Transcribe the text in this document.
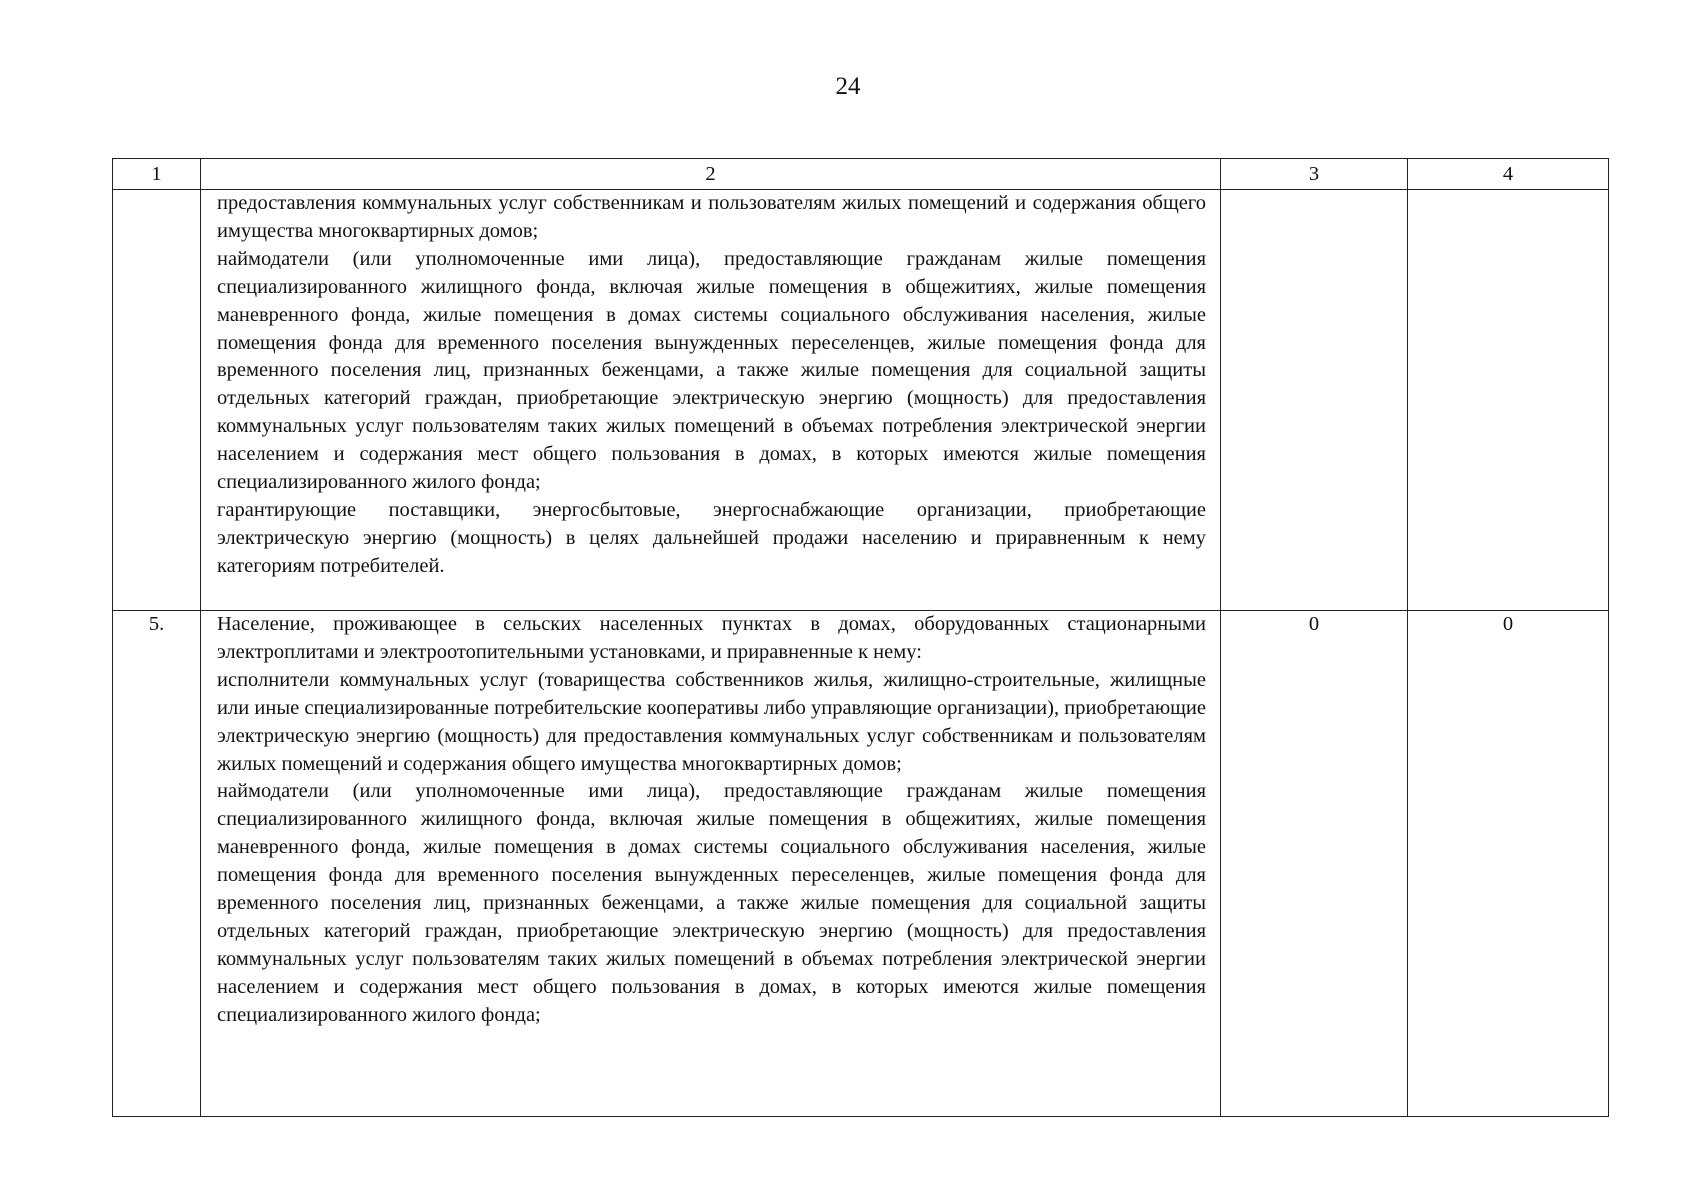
24
1	2	3	4

	предоставления коммунальных услуг собственникам и пользователям жилых помещений и содержания общего имущества многоквартирных домов;
наймодатели (или уполномоченные ими лица), предоставляющие гражданам жилые помещения специализированного жилищного фонда, включая жилые помещения в общежитиях, жилые помещения маневренного фонда, жилые помещения в домах системы социального обслуживания населения, жилые помещения фонда для временного поселения вынужденных переселенцев, жилые помещения фонда для временного поселения лиц, признанных беженцами, а также жилые помещения для социальной защиты отдельных категорий граждан, приобретающие электрическую энергию (мощность) для предоставления коммунальных услуг пользователям таких жилых помещений в объемах потребления электрической энергии населением и содержания мест общего пользования в домах, в которых имеются жилые помещения специализированного жилого фонда;
гарантирующие поставщики, энергосбытовые, энергоснабжающие организации, приобретающие электрическую энергию (мощность) в целях дальнейшей продажи населению и приравненным к нему категориям потребителей.		

5.	Население, проживающее в сельских населенных пунктах в домах, оборудованных стационарными электроплитами и электроотопительными установками, и приравненные к нему:
исполнители коммунальных услуг (товарищества собственников жилья, жилищно-строительные, жилищные или иные специализированные потребительские кооперативы либо управляющие организации), приобретающие электрическую энергию (мощность) для предоставления коммунальных услуг собственникам и пользователям жилых помещений и содержания общего имущества многоквартирных домов;
наймодатели (или уполномоченные ими лица), предоставляющие гражданам жилые помещения специализированного жилищного фонда, включая жилые помещения в общежитиях, жилые помещения маневренного фонда, жилые помещения в домах системы социального обслуживания населения, жилые помещения фонда для временного поселения вынужденных переселенцев, жилые помещения фонда для временного поселения лиц, признанных беженцами, а также жилые помещения для социальной защиты отдельных категорий граждан, приобретающие электрическую энергию (мощность) для предоставления коммунальных услуг пользователям таких жилых помещений в объемах потребления электрической энергии населением и содержания мест общего пользования в домах, в которых имеются жилые помещения специализированного жилого фонда;	0	0
